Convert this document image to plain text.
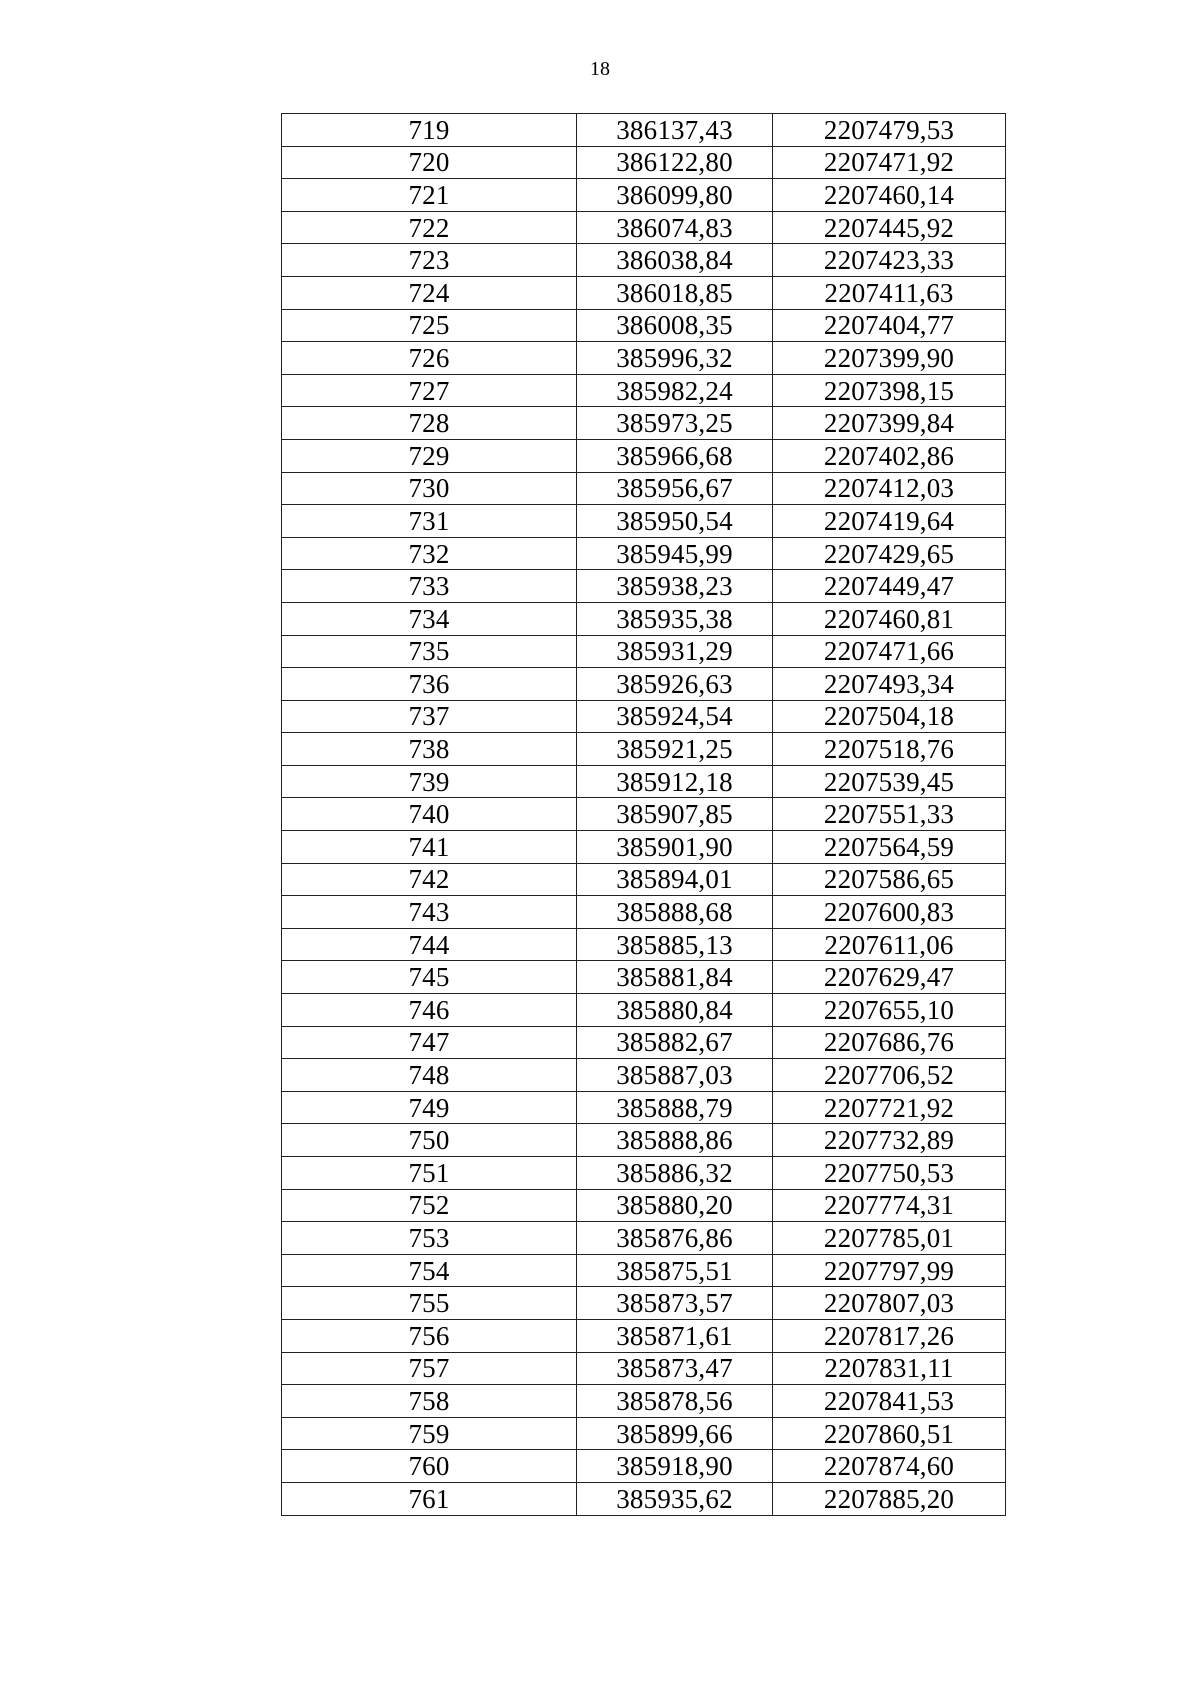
18
719	386137,43	2207479,53
720	386122,80	2207471,92
721	386099,80	2207460,14
722	386074,83	2207445,92
723	386038,84	2207423,33
724	386018,85	2207411,63
725	386008,35	2207404,77
726	385996,32	2207399,90
727	385982,24	2207398,15
728	385973,25	2207399,84
729	385966,68	2207402,86
730	385956,67	2207412,03
731	385950,54	2207419,64
732	385945,99	2207429,65
733	385938,23	2207449,47
734	385935,38	2207460,81
735	385931,29	2207471,66
736	385926,63	2207493,34
737	385924,54	2207504,18
738	385921,25	2207518,76
739	385912,18	2207539,45
740	385907,85	2207551,33
741	385901,90	2207564,59
742	385894,01	2207586,65
743	385888,68	2207600,83
744	385885,13	2207611,06
745	385881,84	2207629,47
746	385880,84	2207655,10
747	385882,67	2207686,76
748	385887,03	2207706,52
749	385888,79	2207721,92
750	385888,86	2207732,89
751	385886,32	2207750,53
752	385880,20	2207774,31
753	385876,86	2207785,01
754	385875,51	2207797,99
755	385873,57	2207807,03
756	385871,61	2207817,26
757	385873,47	2207831,11
758	385878,56	2207841,53
759	385899,66	2207860,51
760	385918,90	2207874,60
761	385935,62	2207885,20
